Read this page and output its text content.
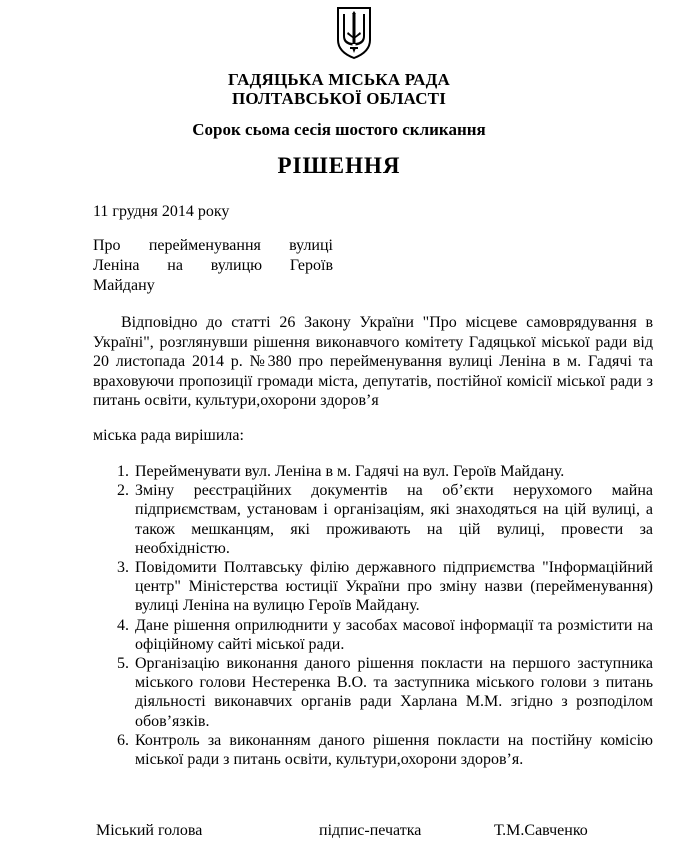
ГАДЯЦЬКА МІСЬКА РАДА
ПОЛТАВСЬКОЇ ОБЛАСТІ
Сорок сьома сесія шостого скликання
РІШЕННЯ
11 грудня 2014 року
Про перейменування вулиці
Леніна на вулицю Героїв
Майдану
Відповідно до статті 26 Закону України "Про місцеве самоврядування в Україні", розглянувши рішення виконавчого комітету Гадяцької міської ради від 20 листопада 2014 р. №380 про перейменування вулиці Леніна в м. Гадячі та враховуючи пропозиції громади міста, депутатів, постійної комісії міської ради з питань освіти, культури,охорони здоров’я
міська рада вирішила:
1. Перейменувати вул. Леніна в м. Гадячі на вул. Героїв Майдану.
2. Зміну реєстраційних документів на об’єкти нерухомого майна підприємствам, установам і організаціям, які знаходяться на цій вулиці, а також мешканцям, які проживають на цій вулиці, провести за необхідністю.
3. Повідомити Полтавську філію державного підприємства "Інформаційний центр" Міністерства юстиції України про зміну назви (перейменування) вулиці Леніна на вулицю Героїв Майдану.
4. Дане рішення оприлюднити у засобах масової інформації та розмістити на офіційному сайті міської ради.
5. Організацію виконання даного рішення покласти на першого заступника міського голови Нестеренка В.О. та заступника міського голови з питань діяльності виконавчих органів ради Харлана М.М. згідно з розподілом обов’язків.
6. Контроль за виконанням даного рішення покласти на постійну комісію міської ради з питань освіти, культури,охорони здоров’я.
Міський голова	підпис-печатка	Т.М.Савченко
